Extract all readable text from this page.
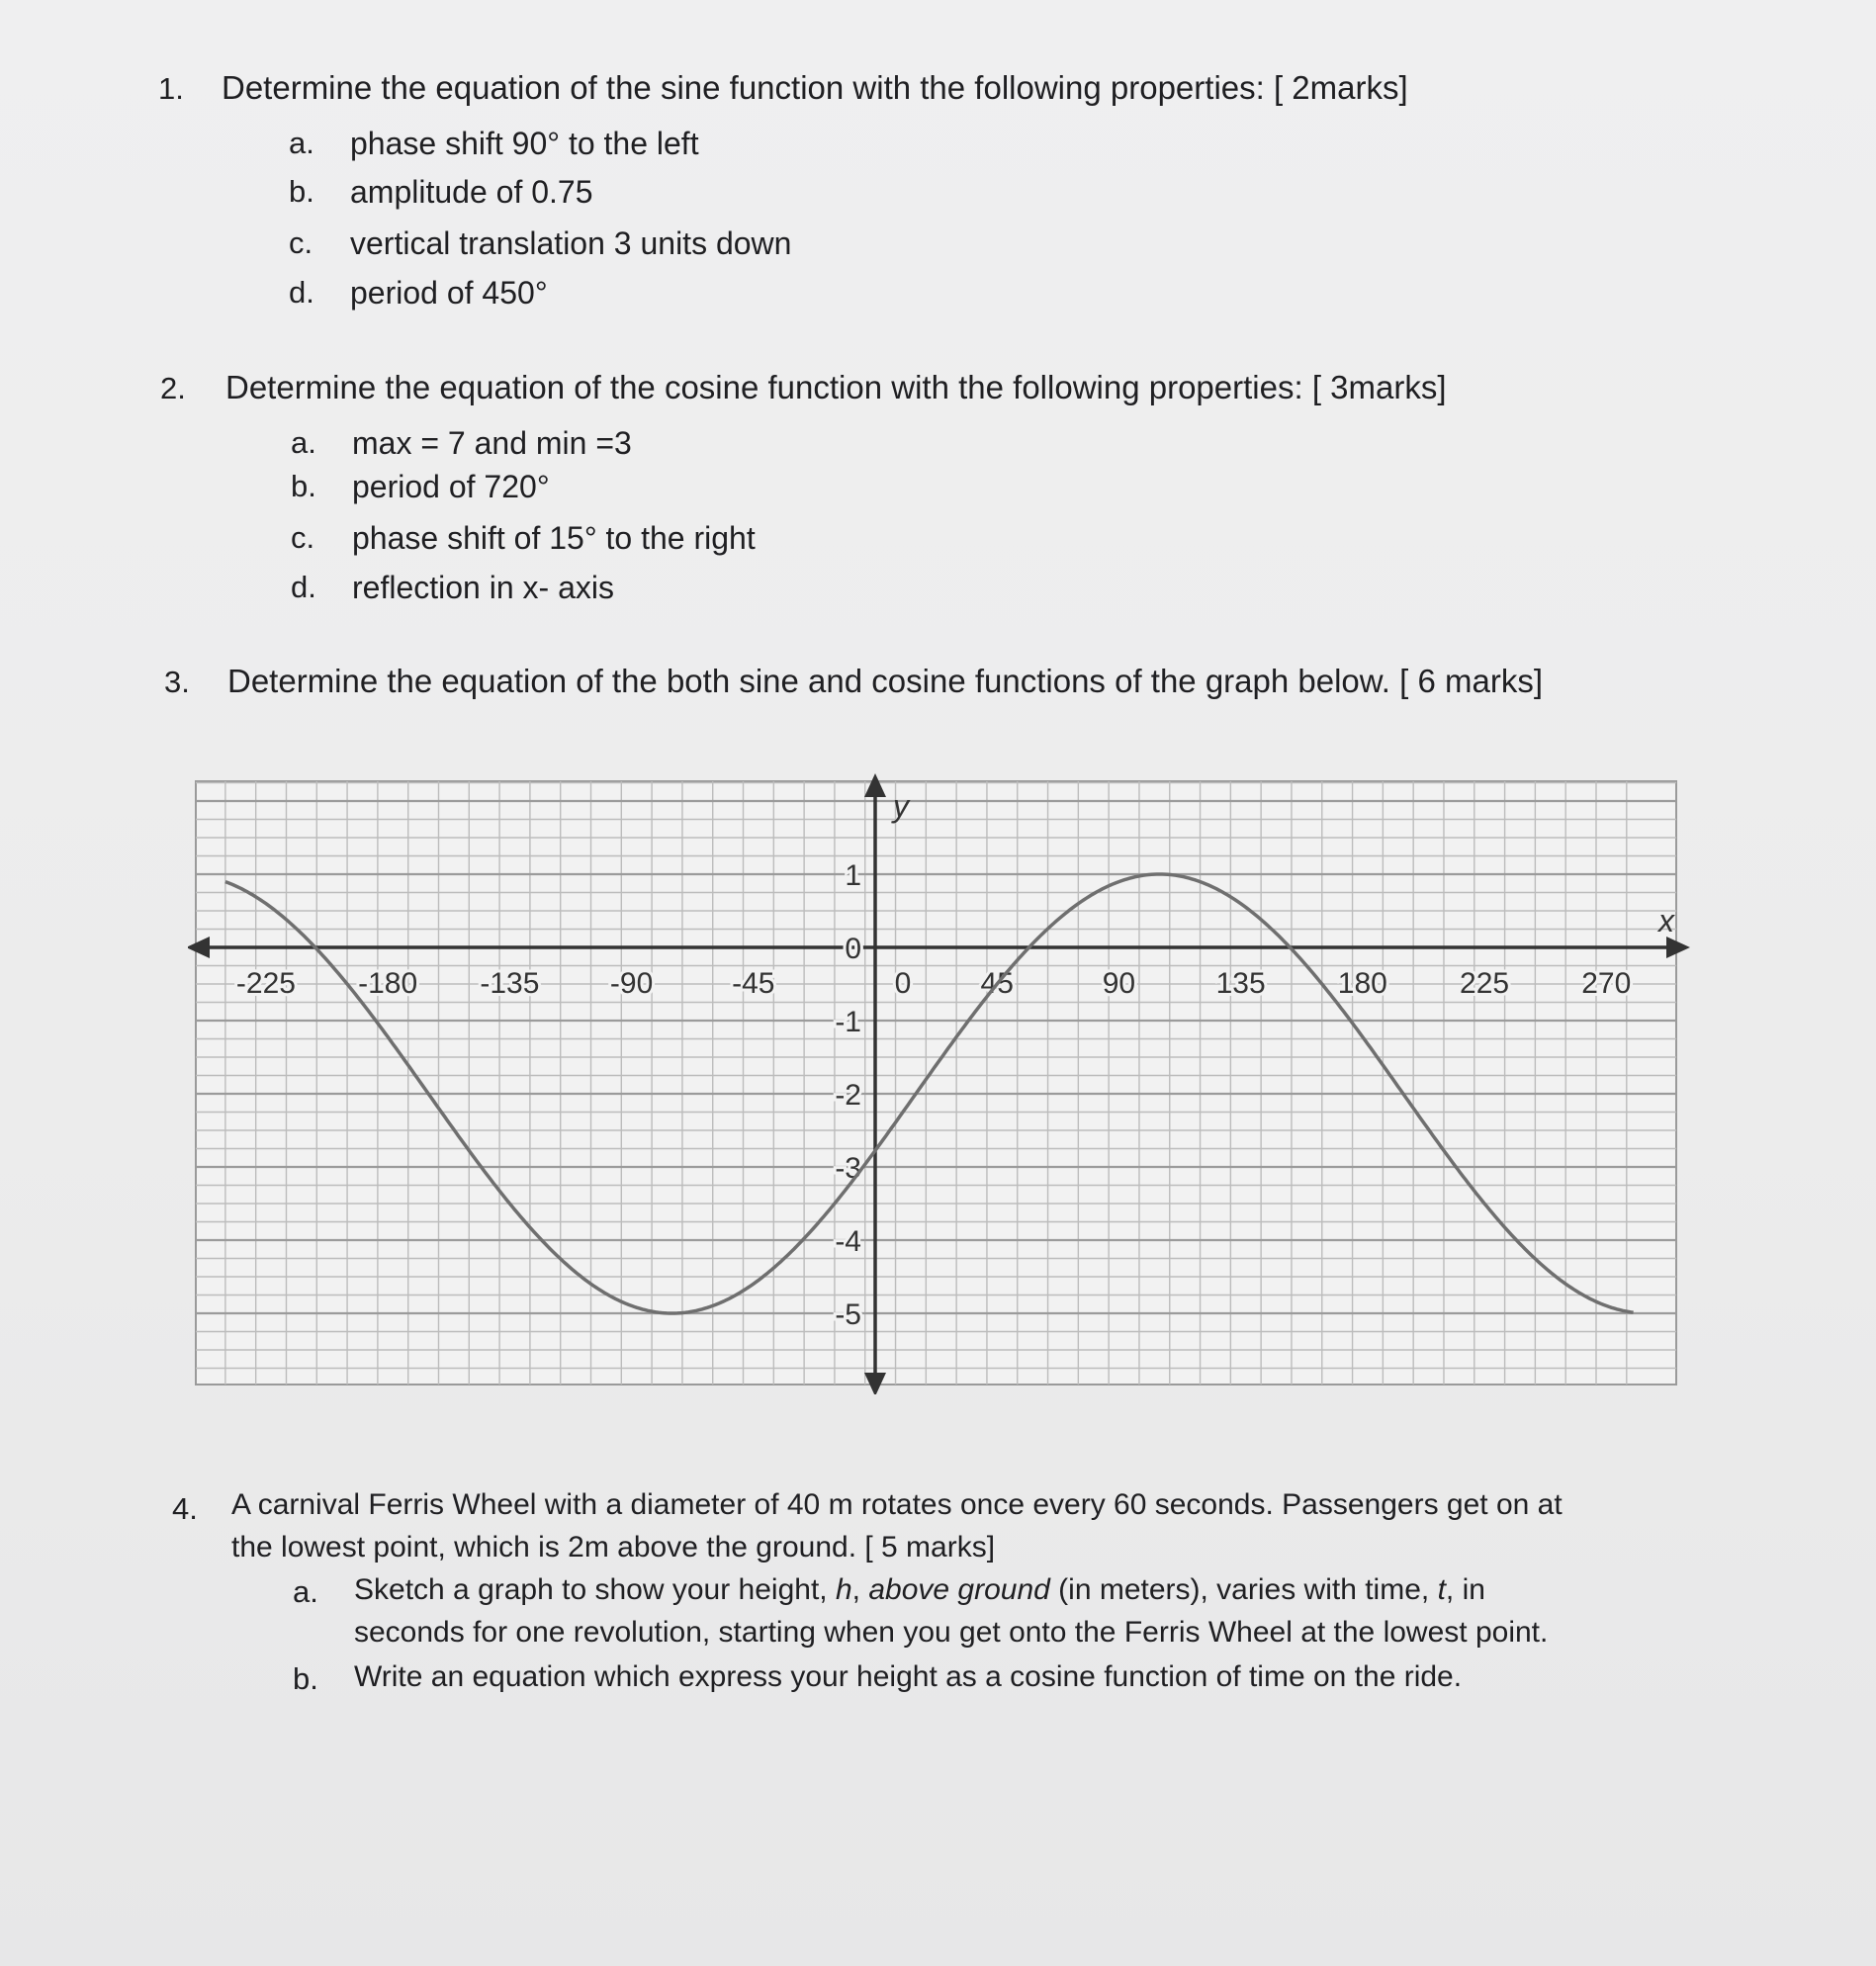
1. Determine the equation of the sine function with the following properties: [ 2marks]
a. phase shift 90° to the left
b. amplitude of 0.75
c. vertical translation 3 units down
d. period of 450°
2. Determine the equation of the cosine function with the following properties: [ 3marks]
a. max = 7 and min =3
b. period of 720°
c. phase shift of 15° to the right
d. reflection in x- axis
3. Determine the equation of the both sine and cosine functions of the graph below. [ 6 marks]
-225 -180 -135 -90	-45	0 45	90	135 180 225 270
1
0
-1
-2
-3
-4
-5
x
y
4. A carnival Ferris Wheel with a diameter of 40 m rotates once every 60 seconds. Passengers get on at
the lowest point, which is 2m above the ground. [ 5 marks]
a. Sketch a graph to show your height, h, above ground (in meters), varies with time, t, in
seconds for one revolution, starting when you get onto the Ferris Wheel at the lowest point.
b. Write an equation which express your height as a cosine function of time on the ride.
